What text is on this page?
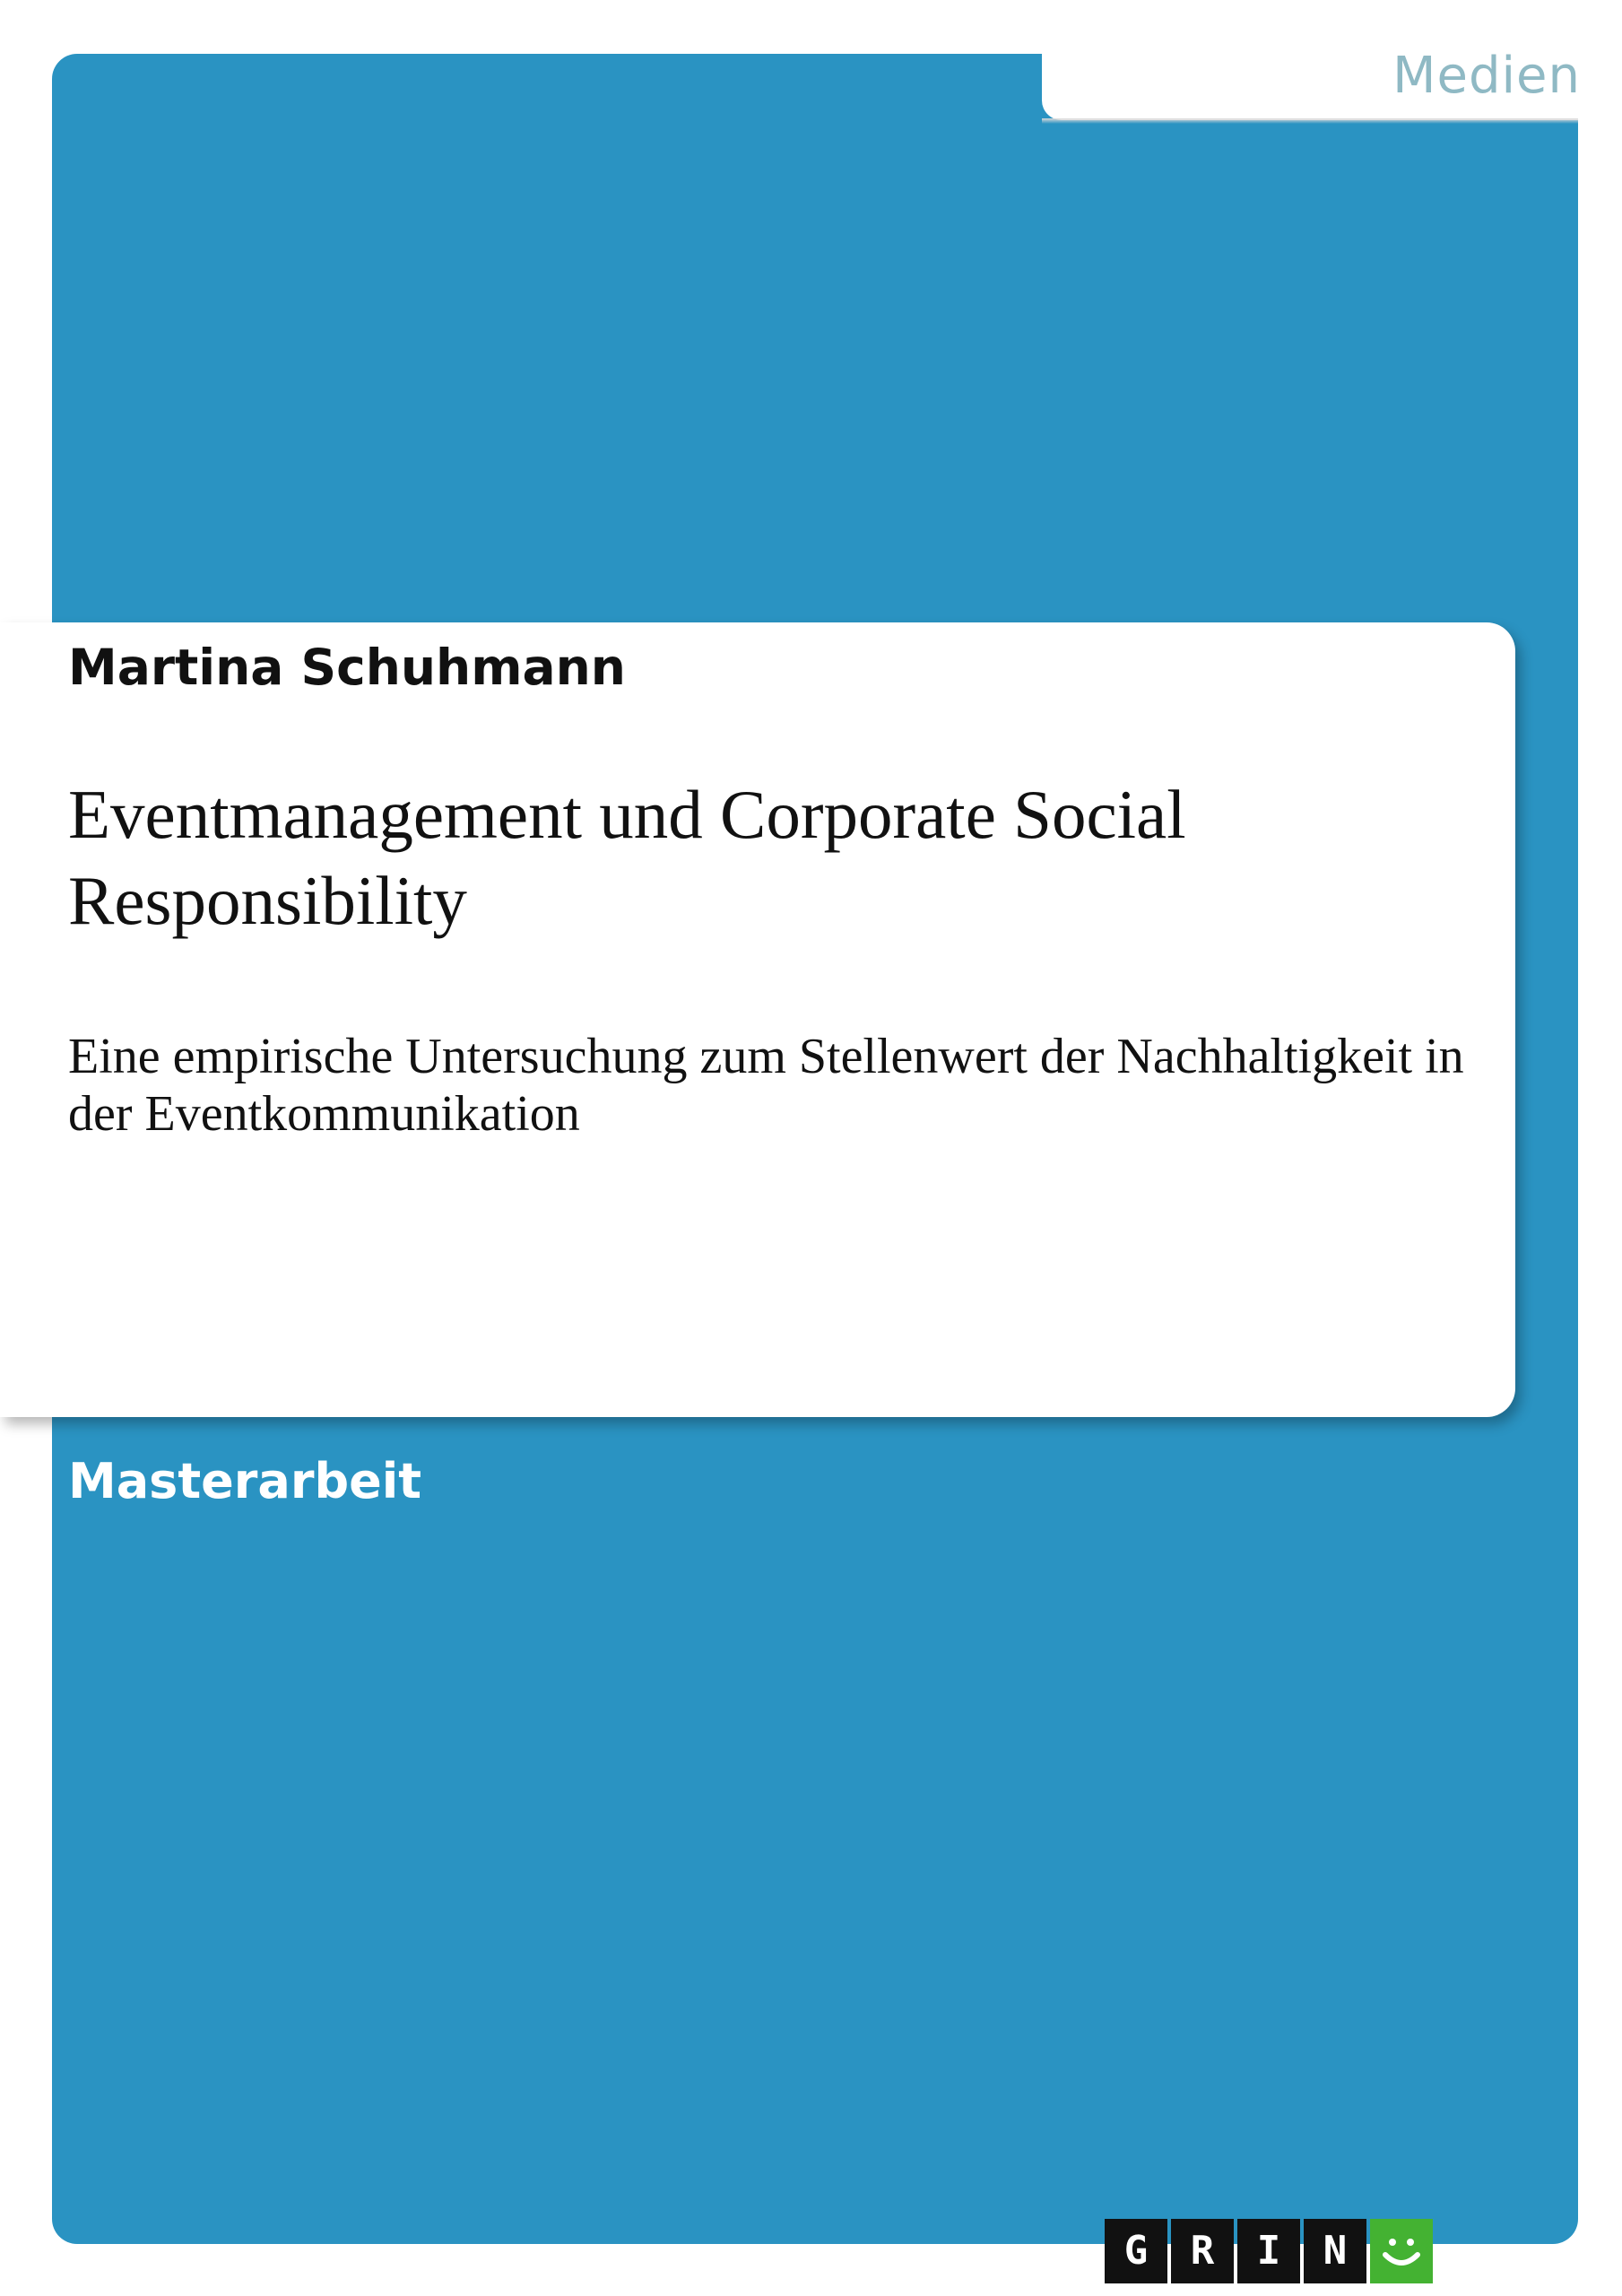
Medien
Martina Schuhmann
Eventmanagement und Corporate Social Responsibility
Eine empirische Untersuchung zum Stellenwert der Nachhaltigkeit in der Eventkommunikation
Masterarbeit
G	R	I	N
